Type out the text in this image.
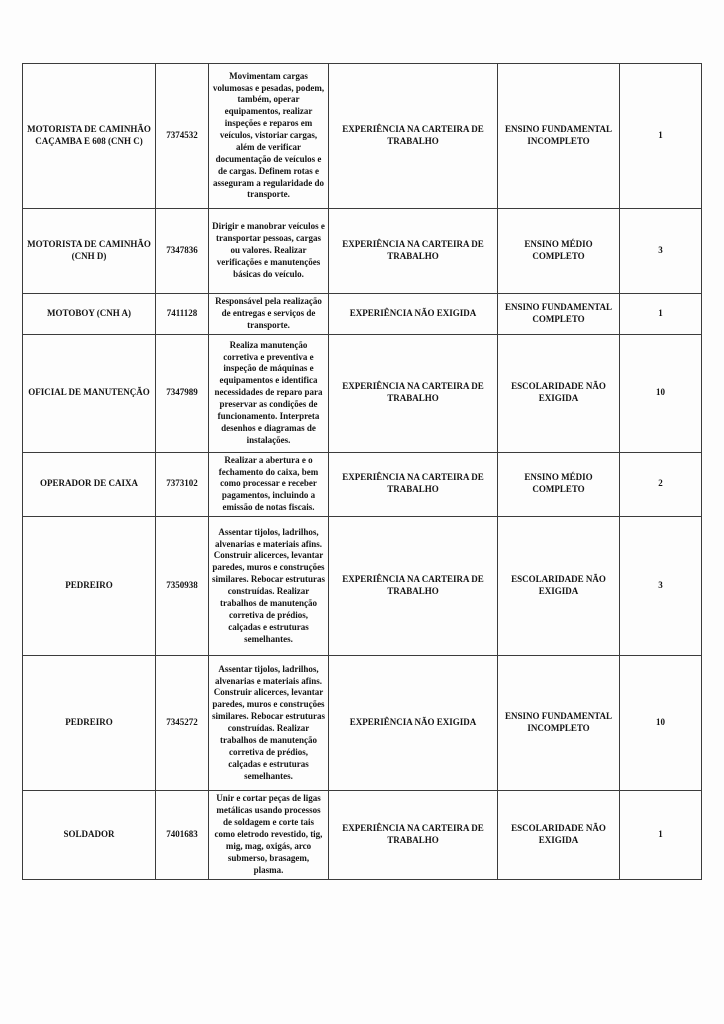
MOTORISTA DE CAMINHÃO CAÇAMBA E 608 (CNH C)	7374532	Movimentam cargas volumosas e pesadas, podem, também, operar equipamentos, realizar inspeções e reparos em veículos, vistoriar cargas, além de verificar documentação de veículos e de cargas. Definem rotas e asseguram a regularidade do transporte.	EXPERIÊNCIA NA CARTEIRA DE TRABALHO	ENSINO FUNDAMENTAL INCOMPLETO	1
MOTORISTA DE CAMINHÃO (CNH D)	7347836	Dirigir e manobrar veículos e transportar pessoas, cargas ou valores. Realizar verificações e manutenções básicas do veículo.	EXPERIÊNCIA NA CARTEIRA DE TRABALHO	ENSINO MÉDIO COMPLETO	3
MOTOBOY (CNH A)	7411128	Responsável pela realização de entregas e serviços de transporte.	EXPERIÊNCIA NÃO EXIGIDA	ENSINO FUNDAMENTAL COMPLETO	1
OFICIAL DE MANUTENÇÃO	7347989	Realiza manutenção corretiva e preventiva e inspeção de máquinas e equipamentos e identifica necessidades de reparo para preservar as condições de funcionamento. Interpreta desenhos e diagramas de instalações.	EXPERIÊNCIA NA CARTEIRA DE TRABALHO	ESCOLARIDADE NÃO EXIGIDA	10
OPERADOR DE CAIXA	7373102	Realizar a abertura e o fechamento do caixa, bem como processar e receber pagamentos, incluindo a emissão de notas fiscais.	EXPERIÊNCIA NA CARTEIRA DE TRABALHO	ENSINO MÉDIO COMPLETO	2
PEDREIRO	7350938	Assentar tijolos, ladrilhos, alvenarias e materiais afins. Construir alicerces, levantar paredes, muros e construções similares. Rebocar estruturas construídas. Realizar trabalhos de manutenção corretiva de prédios, calçadas e estruturas semelhantes.	EXPERIÊNCIA NA CARTEIRA DE TRABALHO	ESCOLARIDADE NÃO EXIGIDA	3
PEDREIRO	7345272	Assentar tijolos, ladrilhos, alvenarias e materiais afins. Construir alicerces, levantar paredes, muros e construções similares. Rebocar estruturas construídas. Realizar trabalhos de manutenção corretiva de prédios, calçadas e estruturas semelhantes.	EXPERIÊNCIA NÃO EXIGIDA	ENSINO FUNDAMENTAL INCOMPLETO	10
SOLDADOR	7401683	Unir e cortar peças de ligas metálicas usando processos de soldagem e corte tais como eletrodo revestido, tig, mig, mag, oxigás, arco submerso, brasagem, plasma.	EXPERIÊNCIA NA CARTEIRA DE TRABALHO	ESCOLARIDADE NÃO EXIGIDA	1
